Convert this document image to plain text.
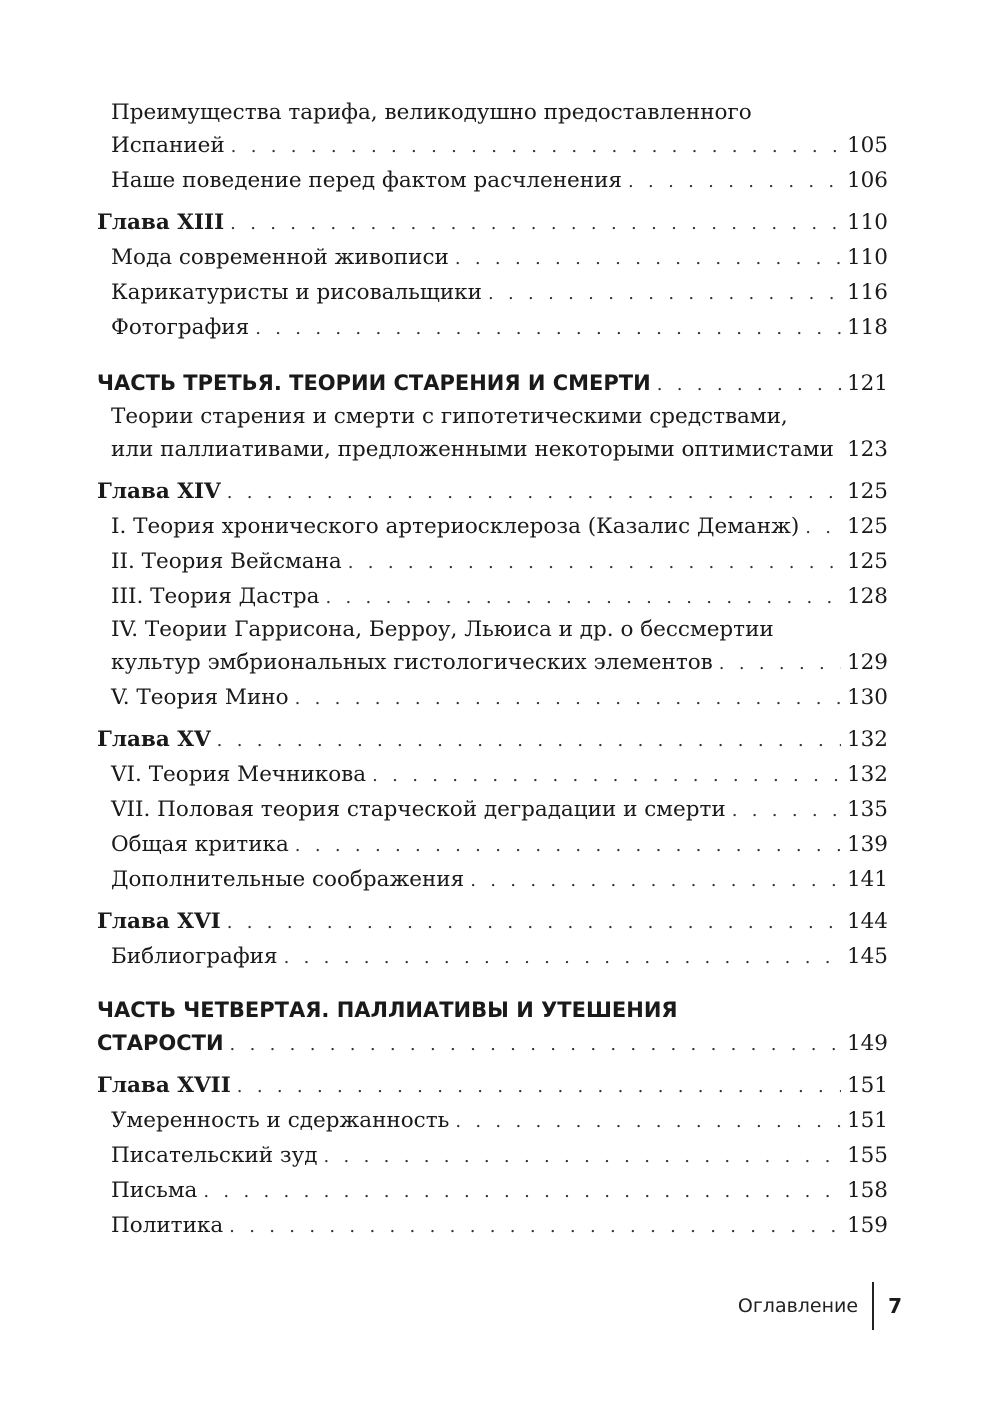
Преимущества тарифа, великодушно предоставленного
Испанией . . .	105
Наше поведение перед фактом расчленения . . .	106
Глава XIII . . .	110
Мода современной живописи . . .	110
Карикатуристы и рисовальщики . . .	116
Фотография . . .	118
ЧАСТЬ ТРЕТЬЯ. ТЕОРИИ СТАРЕНИЯ И СМЕРТИ . . .	121
Теории старения и смерти с гипотетическими средствами,
или паллиативами, предложенными некоторыми оптимистами . . . 123
Глава XIV . . .	125
I. Теория хронического артериосклероза (Казалис Деманж) . . . 125
II. Теория Вейсмана . . .	125
III. Теория Дастра . . .	128
IV. Теории Гаррисона, Берроу, Льюиса и др. о бессмертии
культур эмбриональных гистологических элементов . . .	129
V. Теория Мино . . .	130
Глава XV . . .	132
VI. Теория Мечникова . . .	132
VII. Половая теория старческой деградации и смерти . . .	135
Общая критика . . .	139
Дополнительные соображения . . .	141
Глава XVI . . .	144
Библиография . . .	145
ЧАСТЬ ЧЕТВЕРТАЯ. ПАЛЛИАТИВЫ И УТЕШЕНИЯ
СТАРОСТИ . . .	149
Глава XVII . . .	151
Умеренность и сдержанность . . .	151
Писательский зуд . . .	155
Письма . . .	158
Политика . . .	159
Оглавление	7
